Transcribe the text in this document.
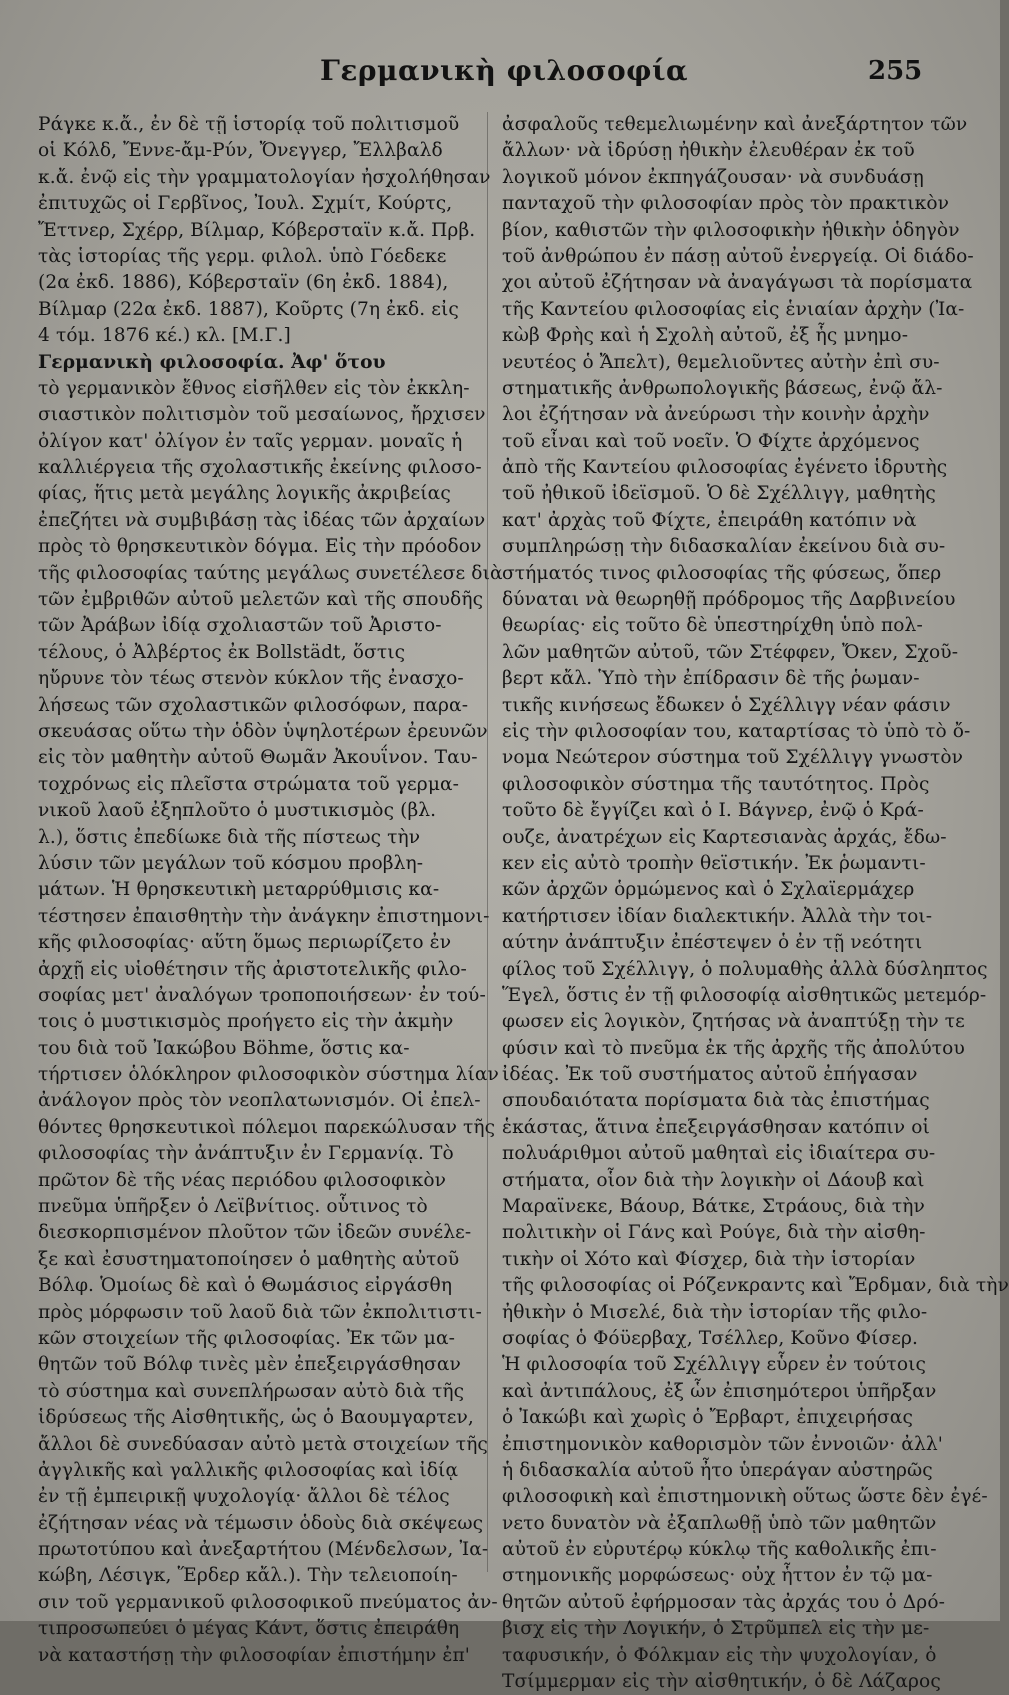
Γερμανικὴ φιλοσοφία	255
Ράγκε κ.ἄ., ἐν δὲ τῇ ἱστορίᾳ τοῦ πολιτισμοῦ
οἱ Κόλδ, Ἔννε-ἄμ-Ρύν, Ὄνεγγερ, Ἔλλβαλδ
κ.ἄ. ἐνῷ εἰς τὴν γραμματολογίαν ἠσχολήθησαν
ἐπιτυχῶς οἱ Γερβῖνος, Ἰουλ. Σχμίτ, Κούρτς,
Ἔττνερ, Σχέρρ, Βίλμαρ, Κόβερσταϊν κ.ἄ. Πρβ.
τὰς ἱστορίας τῆς γερμ. φιλολ. ὑπὸ Γόεδεκε
(2α ἐκδ. 1886), Κόβερσταϊν (6η ἐκδ. 1884),
Βίλμαρ (22α ἐκδ. 1887), Κοῦρτς (7η ἐκδ. εἰς
4 τόμ. 1876 κέ.) κλ. [Μ.Γ.]
Γερμανικὴ φιλοσοφία. Ἀφ' ὅτου
τὸ γερμανικὸν ἔθνος εἰσῆλθεν εἰς τὸν ἐκκλη-
σιαστικὸν πολιτισμὸν τοῦ μεσαίωνος, ἤρχισεν
ὀλίγον κατ' ὀλίγον ἐν ταῖς γερμαν. μοναῖς ἡ
καλλιέργεια τῆς σχολαστικῆς ἐκείνης φιλοσο-
φίας, ἥτις μετὰ μεγάλης λογικῆς ἀκριβείας
ἐπεζήτει νὰ συμβιβάσῃ τὰς ἰδέας τῶν ἀρχαίων
πρὸς τὸ θρησκευτικὸν δόγμα. Εἰς τὴν πρόοδον
τῆς φιλοσοφίας ταύτης μεγάλως συνετέλεσε διὰ
τῶν ἐμβριθῶν αὐτοῦ μελετῶν καὶ τῆς σπουδῆς
τῶν Ἀράβων ἰδίᾳ σχολιαστῶν τοῦ Ἀριστο-
τέλους, ὁ Ἀλβέρτος ἐκ Bollstädt, ὅστις
ηὔρυνε τὸν τέως στενὸν κύκλον τῆς ἐνασχο-
λήσεως τῶν σχολαστικῶν φιλοσόφων, παρα-
σκευάσας οὕτω τὴν ὁδὸν ὑψηλοτέρων ἐρευνῶν
εἰς τὸν μαθητὴν αὐτοῦ Θωμᾶν Ἀκουΐνον. Ταυ-
τοχρόνως εἰς πλεῖστα στρώματα τοῦ γερμα-
νικοῦ λαοῦ ἐξηπλοῦτο ὁ μυστικισμὸς (βλ.
λ.), ὅστις ἐπεδίωκε διὰ τῆς πίστεως τὴν
λύσιν τῶν μεγάλων τοῦ κόσμου προβλη-
μάτων. Ἡ θρησκευτικὴ μεταρρύθμισις κα-
τέστησεν ἐπαισθητὴν τὴν ἀνάγκην ἐπιστημονι-
κῆς φιλοσοφίας· αὕτη ὅμως περιωρίζετο ἐν
ἀρχῇ εἰς υἱοθέτησιν τῆς ἀριστοτελικῆς φιλο-
σοφίας μετ' ἀναλόγων τροποποιήσεων· ἐν τού-
τοις ὁ μυστικισμὸς προήγετο εἰς τὴν ἀκμὴν
του διὰ τοῦ Ἰακώβου Böhme, ὅστις κα-
τήρτισεν ὁλόκληρον φιλοσοφικὸν σύστημα λίαν
ἀνάλογον πρὸς τὸν νεοπλατωνισμόν. Οἱ ἐπελ-
θόντες θρησκευτικοὶ πόλεμοι παρεκώλυσαν τῆς
φιλοσοφίας τὴν ἀνάπτυξιν ἐν Γερμανίᾳ. Τὸ
πρῶτον δὲ τῆς νέας περιόδου φιλοσοφικὸν
πνεῦμα ὑπῆρξεν ὁ Λεϊβνίτιος. οὗτινος τὸ
διεσκορπισμένον πλοῦτον τῶν ἰδεῶν συνέλε-
ξε καὶ ἐσυστηματοποίησεν ὁ μαθητὴς αὐτοῦ
Βόλφ. Ὁμοίως δὲ καὶ ὁ Θωμάσιος εἰργάσθη
πρὸς μόρφωσιν τοῦ λαοῦ διὰ τῶν ἐκπολιτιστι-
κῶν στοιχείων τῆς φιλοσοφίας. Ἐκ τῶν μα-
θητῶν τοῦ Βόλφ τινὲς μὲν ἐπεξειργάσθησαν
τὸ σύστημα καὶ συνεπλήρωσαν αὐτὸ διὰ τῆς
ἱδρύσεως τῆς Αἰσθητικῆς, ὡς ὁ Βαουμγαρτεν,
ἄλλοι δὲ συνεδύασαν αὐτὸ μετὰ στοιχείων τῆς
ἀγγλικῆς καὶ γαλλικῆς φιλοσοφίας καὶ ἰδίᾳ
ἐν τῇ ἐμπειρικῇ ψυχολογίᾳ· ἄλλοι δὲ τέλος
ἐζήτησαν νέας νὰ τέμωσιν ὁδοὺς διὰ σκέψεως
πρωτοτύπου καὶ ἀνεξαρτήτου (Μένδελσων, Ἰα-
κώβη, Λέσιγκ, Ἕρδερ κἄλ.). Τὴν τελειοποίη-
σιν τοῦ γερμανικοῦ φιλοσοφικοῦ πνεύματος ἀν-
τιπροσωπεύει ὁ μέγας Κάντ, ὅστις ἐπειράθη
νὰ καταστήσῃ τὴν φιλοσοφίαν ἐπιστήμην ἐπ'
ἀσφαλοῦς τεθεμελιωμένην καὶ ἀνεξάρτητον τῶν
ἄλλων· νὰ ἱδρύσῃ ἠθικὴν ἐλευθέραν ἐκ τοῦ
λογικοῦ μόνον ἐκπηγάζουσαν· νὰ συνδυάσῃ
πανταχοῦ τὴν φιλοσοφίαν πρὸς τὸν πρακτικὸν
βίον, καθιστῶν τὴν φιλοσοφικὴν ἠθικὴν ὁδηγὸν
τοῦ ἀνθρώπου ἐν πάσῃ αὐτοῦ ἐνεργείᾳ. Οἱ διάδο-
χοι αὐτοῦ ἐζήτησαν νὰ ἀναγάγωσι τὰ πορίσματα
τῆς Καντείου φιλοσοφίας εἰς ἑνιαίαν ἀρχὴν (Ἰα-
κὼβ Φρὴς καὶ ἡ Σχολὴ αὐτοῦ, ἐξ ἧς μνημο-
νευτέος ὁ Ἄπελτ), θεμελιοῦντες αὐτὴν ἐπὶ συ-
στηματικῆς ἀνθρωπολογικῆς βάσεως, ἐνῷ ἄλ-
λοι ἐζήτησαν νὰ ἀνεύρωσι τὴν κοινὴν ἀρχὴν
τοῦ εἶναι καὶ τοῦ νοεῖν. Ὁ Φίχτε ἀρχόμενος
ἀπὸ τῆς Καντείου φιλοσοφίας ἐγένετο ἱδρυτὴς
τοῦ ἠθικοῦ ἰδεϊσμοῦ. Ὁ δὲ Σχέλλιγγ, μαθητὴς
κατ' ἀρχὰς τοῦ Φίχτε, ἐπειράθη κατόπιν νὰ
συμπληρώσῃ τὴν διδασκαλίαν ἐκείνου διὰ συ-
στήματός τινος φιλοσοφίας τῆς φύσεως, ὅπερ
δύναται νὰ θεωρηθῇ πρόδρομος τῆς Δαρβινείου
θεωρίας· εἰς τοῦτο δὲ ὑπεστηρίχθη ὑπὸ πολ-
λῶν μαθητῶν αὐτοῦ, τῶν Στέφφεν, Ὄκεν, Σχοῦ-
βερτ κἄλ. Ὑπὸ τὴν ἐπίδρασιν δὲ τῆς ῥωμαν-
τικῆς κινήσεως ἔδωκεν ὁ Σχέλλιγγ νέαν φάσιν
εἰς τὴν φιλοσοφίαν του, καταρτίσας τὸ ὑπὸ τὸ ὄ-
νομα Νεώτερον σύστημα τοῦ Σχέλλιγγ γνωστὸν
φιλοσοφικὸν σύστημα τῆς ταυτότητος. Πρὸς
τοῦτο δὲ ἔγγίζει καὶ ὁ Ι. Βάγνερ, ἐνῷ ὁ Κρά-
ουζε, ἀνατρέχων εἰς Καρτεσιανὰς ἀρχάς, ἔδω-
κεν εἰς αὐτὸ τροπὴν θεϊστικήν. Ἐκ ῥωμαντι-
κῶν ἀρχῶν ὁρμώμενος καὶ ὁ Σχλαϊερμάχερ
κατήρτισεν ἰδίαν διαλεκτικήν. Ἀλλὰ τὴν τοι-
αύτην ἀνάπτυξιν ἐπέστεψεν ὁ ἐν τῇ νεότητι
φίλος τοῦ Σχέλλιγγ, ὁ πολυμαθὴς ἀλλὰ δύσληπτος
Ἕγελ, ὅστις ἐν τῇ φιλοσοφίᾳ αἰσθητικῶς μετεμόρ-
φωσεν εἰς λογικὸν, ζητήσας νὰ ἀναπτύξῃ τὴν τε
φύσιν καὶ τὸ πνεῦμα ἐκ τῆς ἀρχῆς τῆς ἀπολύτου
ἰδέας. Ἐκ τοῦ συστήματος αὐτοῦ ἐπήγασαν
σπουδαιότατα πορίσματα διὰ τὰς ἐπιστήμας
ἑκάστας, ἅτινα ἐπεξειργάσθησαν κατόπιν οἱ
πολυάριθμοι αὐτοῦ μαθηταὶ εἰς ἰδιαίτερα συ-
στήματα, οἷον διὰ τὴν λογικὴν οἱ Δάουβ καὶ
Μαραϊνεκε, Βάουρ, Βάτκε, Στράους, διὰ τὴν
πολιτικὴν οἱ Γάνς καὶ Ρούγε, διὰ τὴν αἰσθη-
τικὴν οἱ Χότο καὶ Φίσχερ, διὰ τὴν ἱστορίαν
τῆς φιλοσοφίας οἱ Ρόζενκραντς καὶ Ἔρδμαν, διὰ τὴν
ἠθικὴν ὁ Μισελέ, διὰ τὴν ἱστορίαν τῆς φιλο-
σοφίας ὁ Φόϋερβαχ, Τσέλλερ, Κοῦνο Φίσερ.
Ἡ φιλοσοφία τοῦ Σχέλλιγγ εὗρεν ἐν τούτοις
καὶ ἀντιπάλους, ἐξ ὧν ἐπισημότεροι ὑπῆρξαν
ὁ Ἰακώβι καὶ χωρὶς ὁ Ἔρβαρτ, ἐπιχειρήσας
ἐπιστημονικὸν καθορισμὸν τῶν ἐννοιῶν· ἀλλ'
ἡ διδασκαλία αὐτοῦ ἦτο ὑπεράγαν αὐστηρῶς
φιλοσοφικὴ καὶ ἐπιστημονικὴ οὕτως ὥστε δὲν ἐγέ-
νετο δυνατὸν νὰ ἐξαπλωθῇ ὑπὸ τῶν μαθητῶν
αὐτοῦ ἐν εὐρυτέρῳ κύκλῳ τῆς καθολικῆς ἐπι-
στημονικῆς μορφώσεως· οὐχ ἧττον ἐν τῷ μα-
θητῶν αὐτοῦ ἐφήρμοσαν τὰς ἀρχάς του ὁ Δρό-
βισχ εἰς τὴν Λογικήν, ὁ Στρῦμπελ εἰς τὴν με-
ταφυσικήν, ὁ Φόλκμαν εἰς τὴν ψυχολογίαν, ὁ
Τσίμμερμαν εἰς τὴν αἰσθητικήν, ὁ δὲ Λάζαρος
